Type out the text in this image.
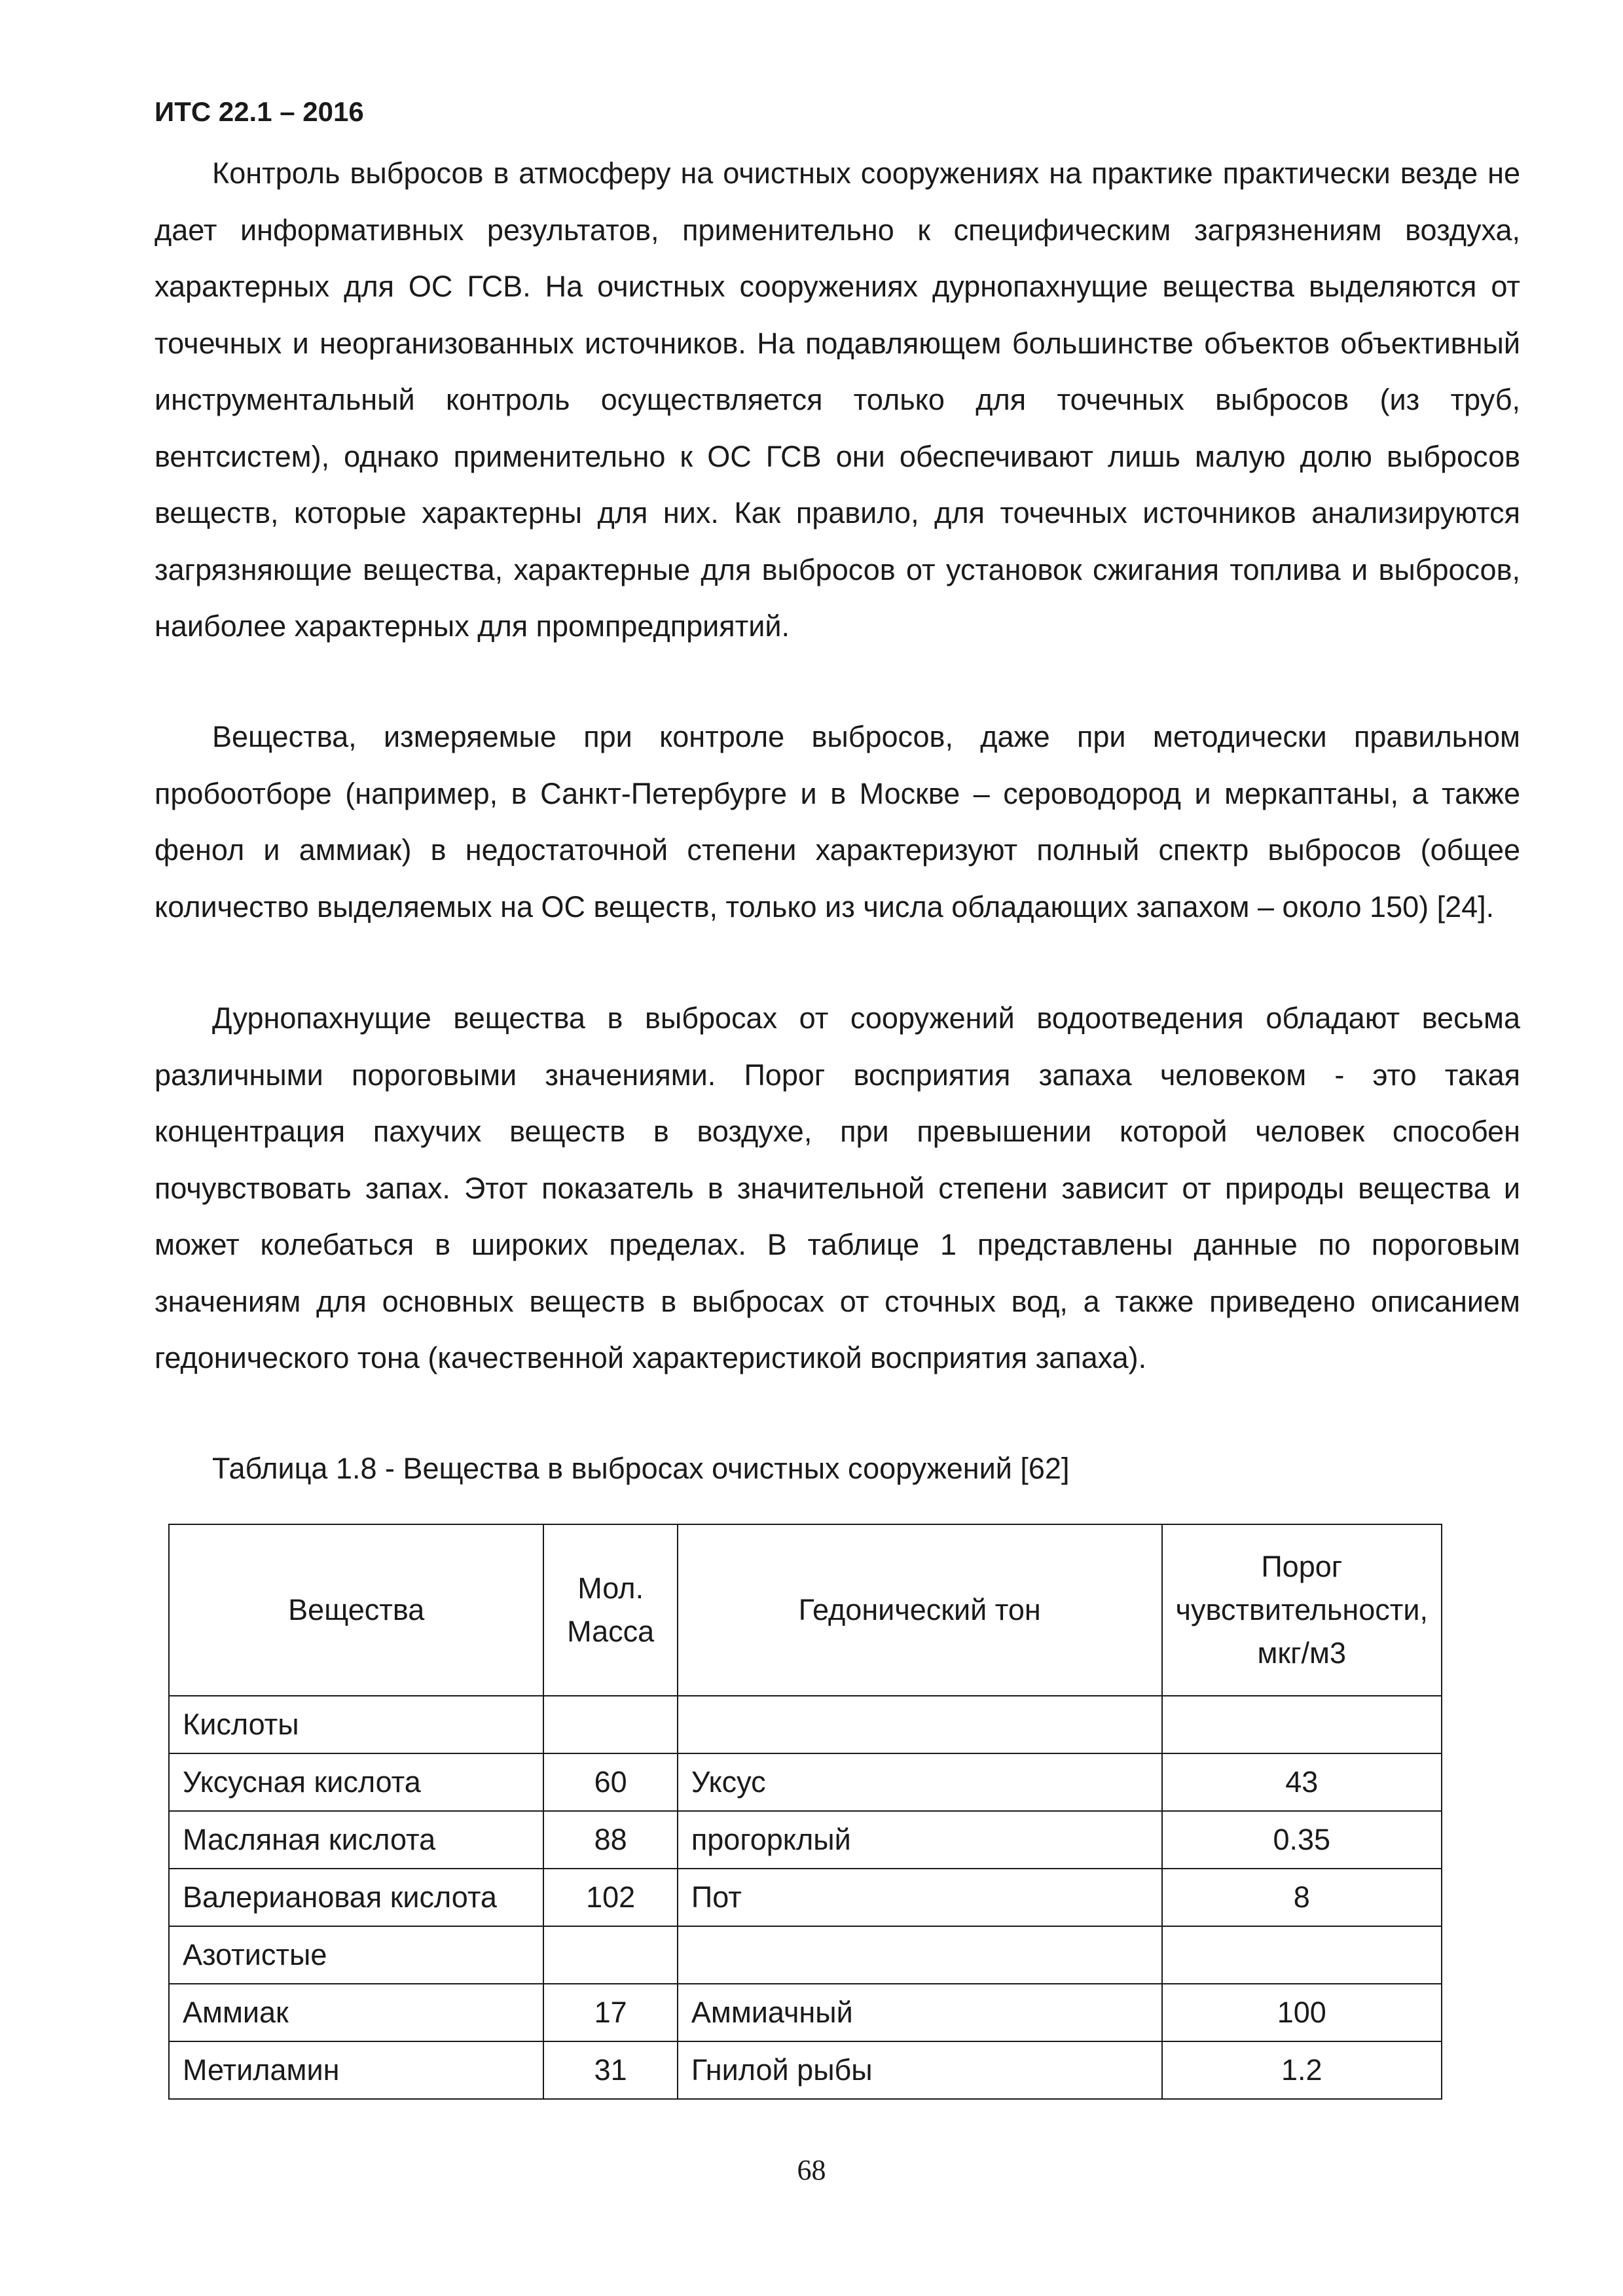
ИТС 22.1 – 2016

Контроль выбросов в атмосферу на очистных сооружениях на практике практически везде не дает информативных результатов, применительно к специфическим загрязнениям воздуха, характерных для ОС ГСВ. На очистных сооружениях дурнопахнущие вещества выделяются от точечных и неорганизованных источников. На подавляющем большинстве объектов объективный инструментальный контроль осуществляется только для точечных выбросов (из труб, вентсистем), однако применительно к ОС ГСВ они обеспечивают лишь малую долю выбросов веществ, которые характерны для них. Как правило, для точечных источников анализируются загрязняющие вещества, характерные для выбросов от установок сжигания топлива и выбросов, наиболее характерных для промпредприятий.

Вещества, измеряемые при контроле выбросов, даже при методически правильном пробоотборе (например, в Санкт-Петербурге и в Москве – сероводород и меркаптаны, а также фенол и аммиак) в недостаточной степени характеризуют полный спектр выбросов (общее количество выделяемых на ОС веществ, только из числа обладающих запахом – около 150) [24].

Дурнопахнущие вещества в выбросах от сооружений водоотведения обладают весьма различными пороговыми значениями. Порог восприятия запаха человеком - это такая концентрация пахучих веществ в воздухе, при превышении которой человек способен почувствовать запах. Этот показатель в значительной степени зависит от природы вещества и может колебаться в широких пределах. В таблице 1 представлены данные по пороговым значениям для основных веществ в выбросах от сточных вод, а также приведено описанием гедонического тона (качественной характеристикой восприятия запаха).

Таблица 1.8 - Вещества в выбросах очистных сооружений [62]

Вещества	Мол. Масса	Гедонический тон	Порог чувствительности, мкг/м3
Кислоты			
Уксусная кислота	60	Уксус	43
Масляная кислота	88	прогорклый	0.35
Валериановая кислота	102	Пот	8
Азотистые			
Аммиак	17	Аммиачный	100
Метиламин	31	Гнилой рыбы	1.2
68
